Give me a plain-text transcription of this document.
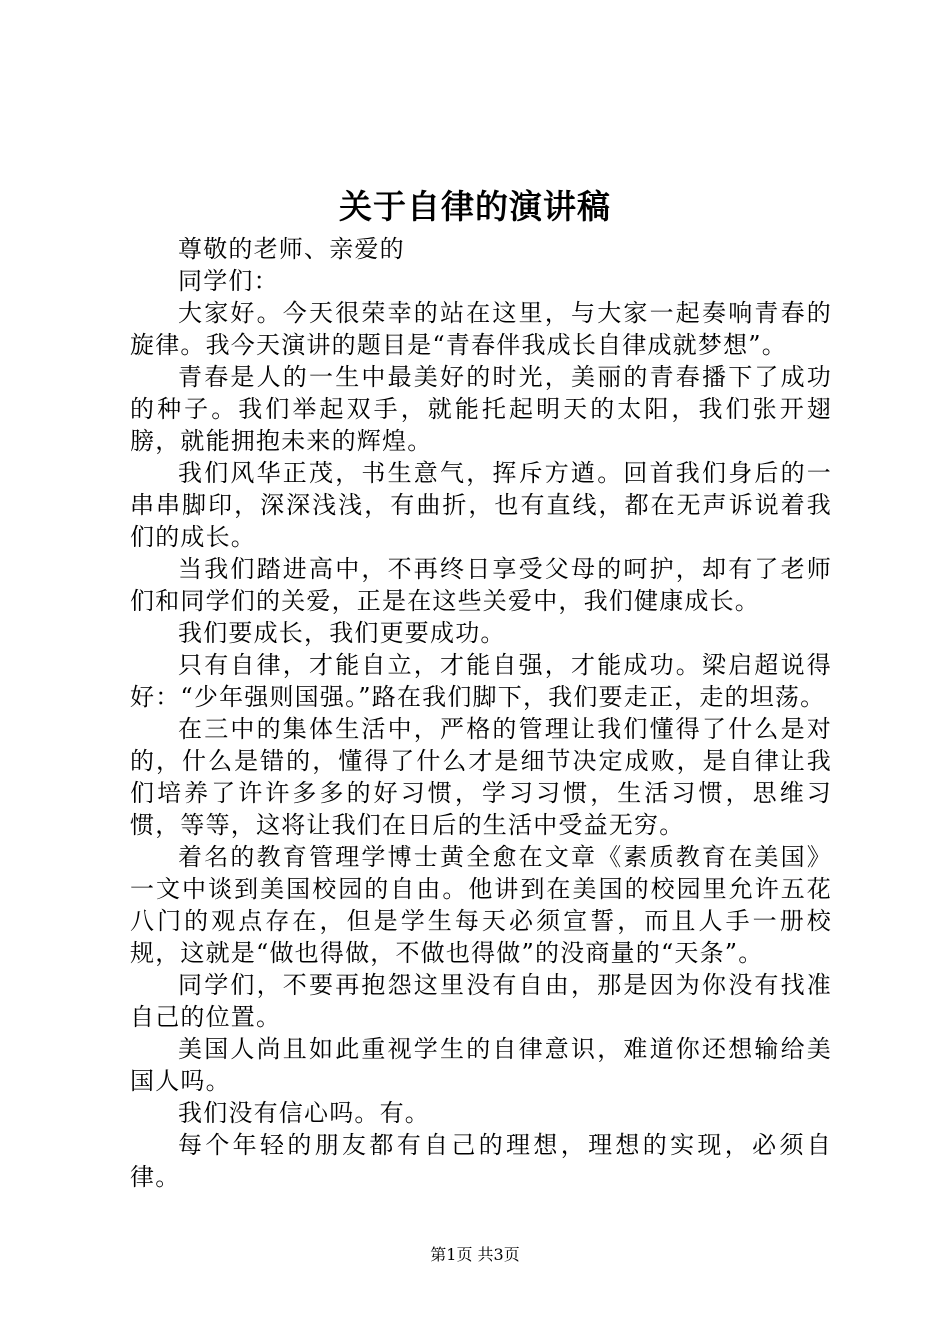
关于自律的演讲稿

尊敬的老师、亲爱的

同学们：

大家好。今天很荣幸的站在这里，与大家一起奏响青春的旋律。我今天演讲的题目是“青春伴我成长自律成就梦想”。

青春是人的一生中最美好的时光，美丽的青春播下了成功的种子。我们举起双手，就能托起明天的太阳，我们张开翅膀，就能拥抱未来的辉煌。

我们风华正茂，书生意气，挥斥方遒。回首我们身后的一串串脚印，深深浅浅，有曲折，也有直线，都在无声诉说着我们的成长。

当我们踏进高中，不再终日享受父母的呵护，却有了老师们和同学们的关爱，正是在这些关爱中，我们健康成长。

我们要成长，我们更要成功。

只有自律，才能自立，才能自强，才能成功。梁启超说得好：“少年强则国强。”路在我们脚下，我们要走正，走的坦荡。

在三中的集体生活中，严格的管理让我们懂得了什么是对的，什么是错的，懂得了什么才是细节决定成败，是自律让我们培养了许许多多的好习惯，学习习惯，生活习惯，思维习惯，等等，这将让我们在日后的生活中受益无穷。

着名的教育管理学博士黄全愈在文章《素质教育在美国》一文中谈到美国校园的自由。他讲到在美国的校园里允许五花八门的观点存在，但是学生每天必须宣誓，而且人手一册校规，这就是“做也得做，不做也得做”的没商量的“天条”。

同学们，不要再抱怨这里没有自由，那是因为你没有找准自己的位置。

美国人尚且如此重视学生的自律意识，难道你还想输给美国人吗。

我们没有信心吗。有。

每个年轻的朋友都有自己的理想，理想的实现，必须自律。

第1页 共3页
